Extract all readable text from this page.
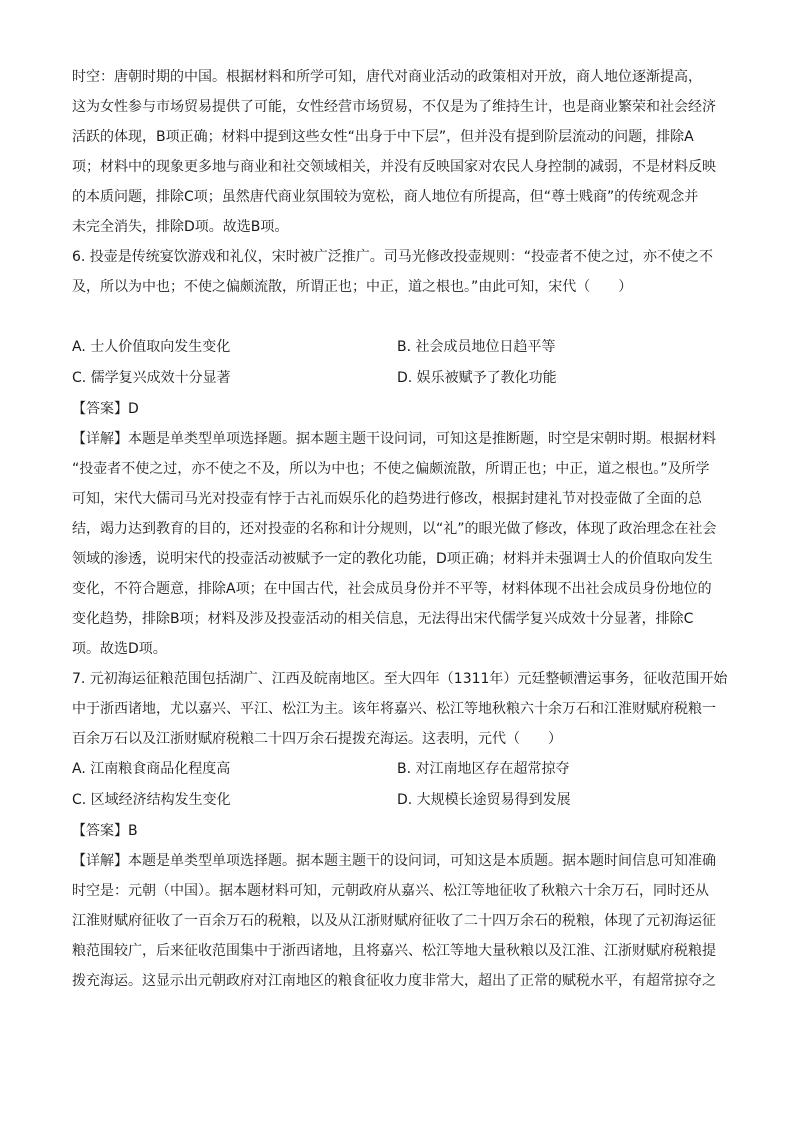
时空：唐朝时期的中国。根据材料和所学可知，唐代对商业活动的政策相对开放，商人地位逐渐提高，
这为女性参与市场贸易提供了可能，女性经营市场贸易，不仅是为了维持生计，也是商业繁荣和社会经济
活跃的体现，B项正确；材料中提到这些女性“出身于中下层”，但并没有提到阶层流动的问题，排除A
项；材料中的现象更多地与商业和社交领域相关，并没有反映国家对农民人身控制的减弱，不是材料反映
的本质问题，排除C项；虽然唐代商业氛围较为宽松，商人地位有所提高，但“尊士贱商”的传统观念并
未完全消失，排除D项。故选B项。
6. 投壶是传统宴饮游戏和礼仪，宋时被广泛推广。司马光修改投壶规则：“投壶者不使之过，亦不使之不
及，所以为中也；不使之偏颇流散，所谓正也；中正，道之根也。”由此可知，宋代（　　）
A. 士人价值取向发生变化	B. 社会成员地位日趋平等
C. 儒学复兴成效十分显著	D. 娱乐被赋予了教化功能
【答案】D
【详解】本题是单类型单项选择题。据本题主题干设问词，可知这是推断题，时空是宋朝时期。根据材料
“投壶者不使之过，亦不使之不及，所以为中也；不使之偏颇流散，所谓正也；中正，道之根也。”及所学
可知，宋代大儒司马光对投壶有悖于古礼而娱乐化的趋势进行修改，根据封建礼节对投壶做了全面的总
结，竭力达到教育的目的，还对投壶的名称和计分规则，以“礼”的眼光做了修改，体现了政治理念在社会
领域的渗透，说明宋代的投壶活动被赋予一定的教化功能，D项正确；材料并未强调士人的价值取向发生
变化，不符合题意，排除A项；在中国古代，社会成员身份并不平等，材料体现不出社会成员身份地位的
变化趋势，排除B项；材料及涉及投壶活动的相关信息，无法得出宋代儒学复兴成效十分显著，排除C
项。故选D项。
7. 元初海运征粮范围包括湖广、江西及皖南地区。至大四年（1311年）元廷整顿漕运事务，征收范围开始
中于浙西诸地，尤以嘉兴、平江、松江为主。该年将嘉兴、松江等地秋粮六十余万石和江淮财赋府税粮一
百余万石以及江浙财赋府税粮二十四万余石提拨充海运。这表明，元代（　　）
A. 江南粮食商品化程度高	B. 对江南地区存在超常掠夺
C. 区域经济结构发生变化	D. 大规模长途贸易得到发展
【答案】B
【详解】本题是单类型单项选择题。据本题主题干的设问词，可知这是本质题。据本题时间信息可知准确
时空是：元朝（中国）。据本题材料可知，元朝政府从嘉兴、松江等地征收了秋粮六十余万石，同时还从
江淮财赋府征收了一百余万石的税粮，以及从江浙财赋府征收了二十四万余石的税粮，体现了元初海运征
粮范围较广，后来征收范围集中于浙西诸地，且将嘉兴、松江等地大量秋粮以及江淮、江浙财赋府税粮提
拨充海运。这显示出元朝政府对江南地区的粮食征收力度非常大，超出了正常的赋税水平，有超常掠夺之
